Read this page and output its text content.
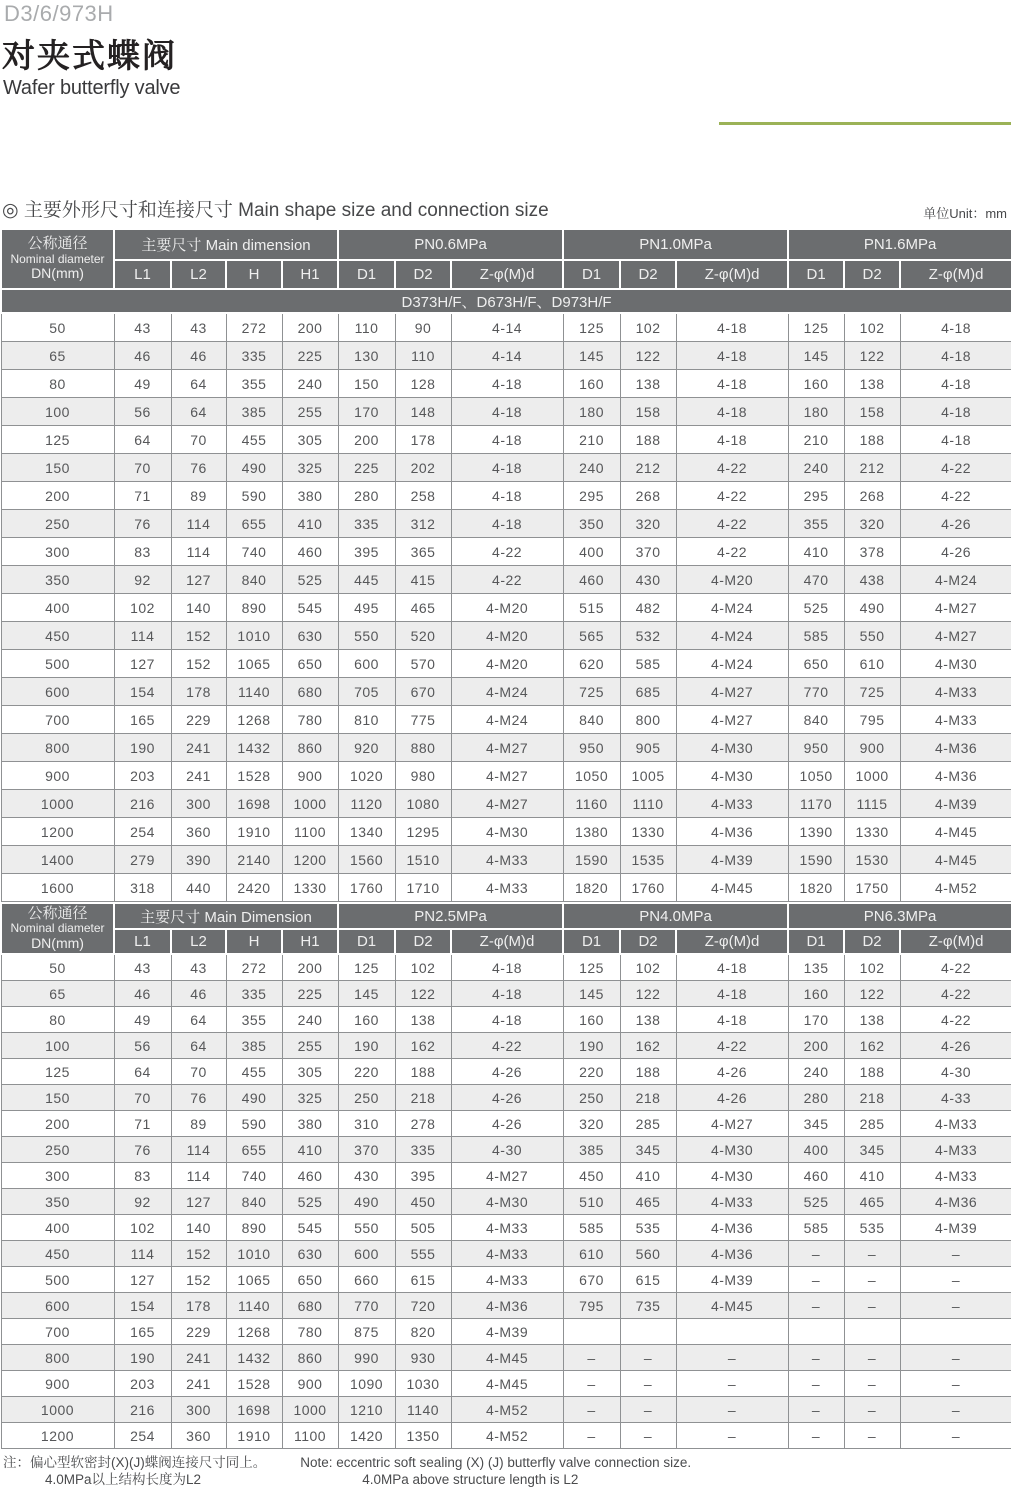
D3/6/973H
对夹式蝶阀
Wafer butterfly valve
◎ 主要外形尺寸和连接尺寸 Main shape size and connection size	单位Unit：mm
公称通径
Nominal diameter
DN(mm)	主要尺寸 Main dimension				PN0.6MPa			PN1.0MPa			PN1.6MPa		
	L1	L2	H	H1	D1	D2	Z-φ(M)d	D1	D2	Z-φ(M)d	D1	D2	Z-φ(M)d
D373H/F、D673H/F、D973H/F													
50	43	43	272	200	110	90	4-14	125	102	4-18	125	102	4-18
65	46	46	335	225	130	110	4-14	145	122	4-18	145	122	4-18
80	49	64	355	240	150	128	4-18	160	138	4-18	160	138	4-18
100	56	64	385	255	170	148	4-18	180	158	4-18	180	158	4-18
125	64	70	455	305	200	178	4-18	210	188	4-18	210	188	4-18
150	70	76	490	325	225	202	4-18	240	212	4-22	240	212	4-22
200	71	89	590	380	280	258	4-18	295	268	4-22	295	268	4-22
250	76	114	655	410	335	312	4-18	350	320	4-22	355	320	4-26
300	83	114	740	460	395	365	4-22	400	370	4-22	410	378	4-26
350	92	127	840	525	445	415	4-22	460	430	4-M20	470	438	4-M24
400	102	140	890	545	495	465	4-M20	515	482	4-M24	525	490	4-M27
450	114	152	1010	630	550	520	4-M20	565	532	4-M24	585	550	4-M27
500	127	152	1065	650	600	570	4-M20	620	585	4-M24	650	610	4-M30
600	154	178	1140	680	705	670	4-M24	725	685	4-M27	770	725	4-M33
700	165	229	1268	780	810	775	4-M24	840	800	4-M27	840	795	4-M33
800	190	241	1432	860	920	880	4-M27	950	905	4-M30	950	900	4-M36
900	203	241	1528	900	1020	980	4-M27	1050	1005	4-M30	1050	1000	4-M36
1000	216	300	1698	1000	1120	1080	4-M27	1160	1110	4-M33	1170	1115	4-M39
1200	254	360	1910	1100	1340	1295	4-M30	1380	1330	4-M36	1390	1330	4-M45
1400	279	390	2140	1200	1560	1510	4-M33	1590	1535	4-M39	1590	1530	4-M45
1600	318	440	2420	1330	1760	1710	4-M33	1820	1760	4-M45	1820	1750	4-M52
公称通径
Nominal diameter
DN(mm)	主要尺寸 Main Dimension				PN2.5MPa			PN4.0MPa			PN6.3MPa		
	L1	L2	H	H1	D1	D2	Z-φ(M)d	D1	D2	Z-φ(M)d	D1	D2	Z-φ(M)d
50	43	43	272	200	125	102	4-18	125	102	4-18	135	102	4-22
65	46	46	335	225	145	122	4-18	145	122	4-18	160	122	4-22
80	49	64	355	240	160	138	4-18	160	138	4-18	170	138	4-22
100	56	64	385	255	190	162	4-22	190	162	4-22	200	162	4-26
125	64	70	455	305	220	188	4-26	220	188	4-26	240	188	4-30
150	70	76	490	325	250	218	4-26	250	218	4-26	280	218	4-33
200	71	89	590	380	310	278	4-26	320	285	4-M27	345	285	4-M33
250	76	114	655	410	370	335	4-30	385	345	4-M30	400	345	4-M33
300	83	114	740	460	430	395	4-M27	450	410	4-M30	460	410	4-M33
350	92	127	840	525	490	450	4-M30	510	465	4-M33	525	465	4-M36
400	102	140	890	545	550	505	4-M33	585	535	4-M36	585	535	4-M39
450	114	152	1010	630	600	555	4-M33	610	560	4-M36	–	–	–
500	127	152	1065	650	660	615	4-M33	670	615	4-M39	–	–	–
600	154	178	1140	680	770	720	4-M36	795	735	4-M45	–	–	–
700	165	229	1268	780	875	820	4-M39						
800	190	241	1432	860	990	930	4-M45	–	–	–	–	–	–
900	203	241	1528	900	1090	1030	4-M45	–	–	–	–	–	–
1000	216	300	1698	1000	1210	1140	4-M52	–	–	–	–	–	–
1200	254	360	1910	1100	1420	1350	4-M52	–	–	–	–	–	–
注：偏心型软密封(X)(J)蝶阀连接尺寸同上。
4.0MPa以上结构长度为L2
Note: eccentric soft sealing (X) (J) butterfly valve connection size.
4.0MPa above structure length is L2
